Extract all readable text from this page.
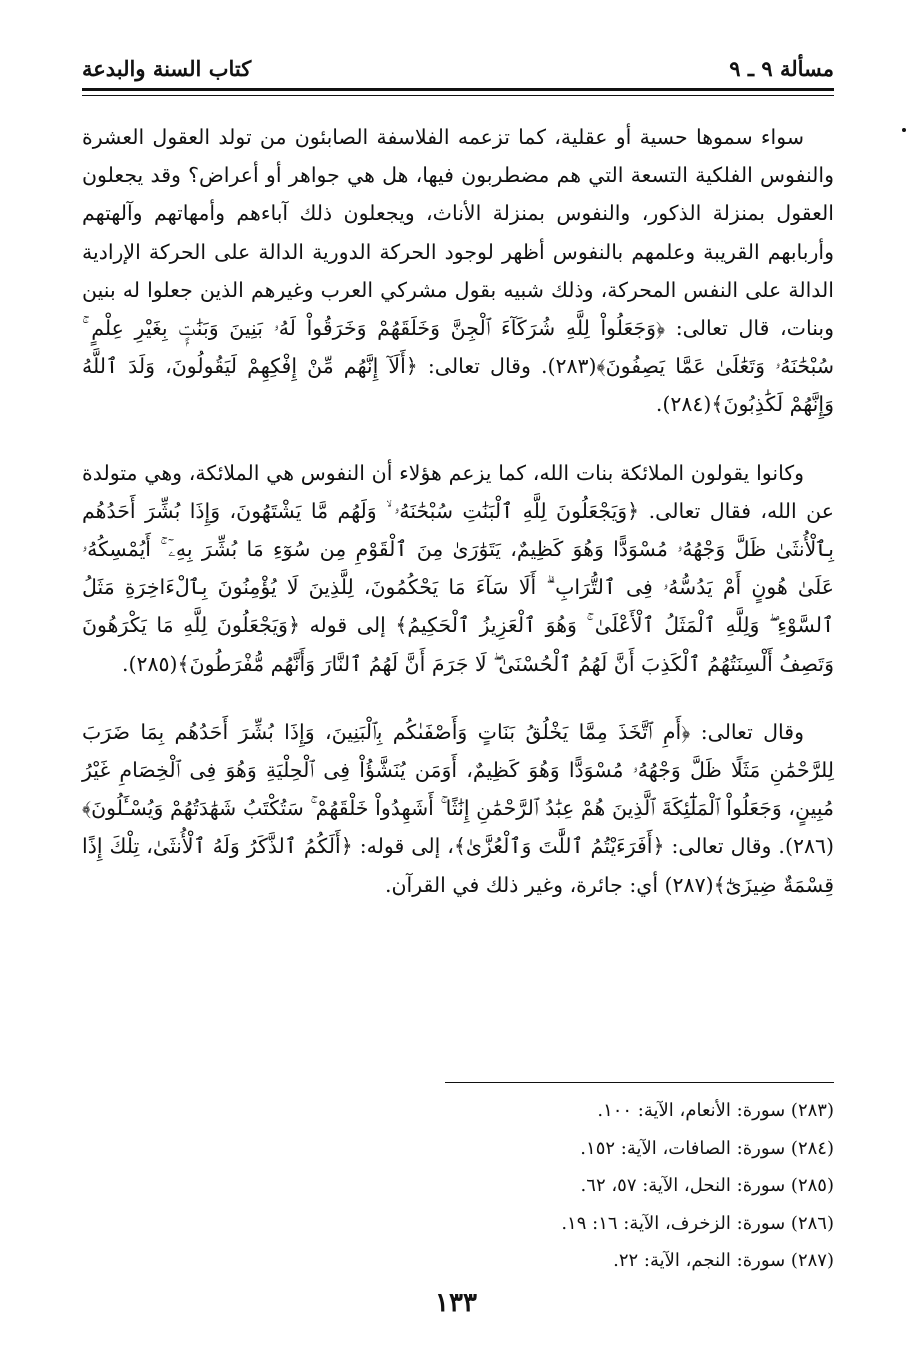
مسألة ٩ ـ ٩
كتاب السنة والبدعة

سواء سموها حسية أو عقلية، كما تزعمه الفلاسفة الصابئون من تولد العقول العشرة والنفوس الفلكية التسعة التي هم مضطربون فيها، هل هي جواهر أو أعراض؟ وقد يجعلون العقول بمنزلة الذكور، والنفوس بمنزلة الأناث، ويجعلون ذلك آباءهم وأمهاتهم وآلهتهم وأربابهم القريبة وعلمهم بالنفوس أظهر لوجود الحركة الدورية الدالة على الحركة الإرادية الدالة على النفس المحركة، وذلك شبيه بقول مشركي العرب وغيرهم الذين جعلوا له بنين وبنات، قال تعالى: ﴿وَجَعَلُواْ لِلَّهِ شُرَكَآءَ ٱلْجِنَّ وَخَلَقَهُمْ وَخَرَقُواْ لَهُۥ بَنِينَ وَبَنَٰتٍۭ بِغَيْرِ عِلْمٍ ۚ سُبْحَٰنَهُۥ وَتَعَٰلَىٰ عَمَّا يَصِفُونَ﴾(٢٨٣). وقال تعالى: ﴿أَلَآ إِنَّهُم مِّنْ إِفْكِهِمْ لَيَقُولُونَ، وَلَدَ ٱللَّهُ وَإِنَّهُمْ لَكَٰذِبُونَ﴾(٢٨٤).

وكانوا يقولون الملائكة بنات الله، كما يزعم هؤلاء أن النفوس هي الملائكة، وهي متولدة عن الله، فقال تعالى. ﴿وَيَجْعَلُونَ لِلَّهِ ٱلْبَنَٰتِ سُبْحَٰنَهُۥ ۙ وَلَهُم مَّا يَشْتَهُونَ، وَإِذَا بُشِّرَ أَحَدُهُم بِٱلْأُنثَىٰ ظَلَّ وَجْهُهُۥ مُسْوَدًّا وَهُوَ كَظِيمٌ، يَتَوَٰرَىٰ مِنَ ٱلْقَوْمِ مِن سُوٓءِ مَا بُشِّرَ بِهِۦٓ ۚ أَيُمْسِكُهُۥ عَلَىٰ هُونٍ أَمْ يَدُسُّهُۥ فِى ٱلتُّرَابِ ۗ أَلَا سَآءَ مَا يَحْكُمُونَ، لِلَّذِينَ لَا يُؤْمِنُونَ بِٱلْءَاخِرَةِ مَثَلُ ٱلسَّوْءِ ۖ وَلِلَّهِ ٱلْمَثَلُ ٱلْأَعْلَىٰ ۚ وَهُوَ ٱلْعَزِيزُ ٱلْحَكِيمُ﴾ إلى قوله ﴿وَيَجْعَلُونَ لِلَّهِ مَا يَكْرَهُونَ وَتَصِفُ أَلْسِنَتُهُمُ ٱلْكَذِبَ أَنَّ لَهُمُ ٱلْحُسْنَىٰ ۖ لَا جَرَمَ أَنَّ لَهُمُ ٱلنَّارَ وَأَنَّهُم مُّفْرَطُونَ﴾(٢٨٥).

وقال تعالى: ﴿أَمِ ٱتَّخَذَ مِمَّا يَخْلُقُ بَنَاتٍ وَأَصْفَىٰكُم بِٱلْبَنِينَ، وَإِذَا بُشِّرَ أَحَدُهُم بِمَا ضَرَبَ لِلرَّحْمَٰنِ مَثَلًا ظَلَّ وَجْهُهُۥ مُسْوَدًّا وَهُوَ كَظِيمٌ، أَوَمَن يُنَشَّؤُاْ فِى ٱلْحِلْيَةِ وَهُوَ فِى ٱلْخِصَامِ غَيْرُ مُبِينٍ، وَجَعَلُواْ ٱلْمَلَٰٓئِكَةَ ٱلَّذِينَ هُمْ عِبَٰدُ ٱلرَّحْمَٰنِ إِنَٰثًا ۚ أَشَهِدُواْ خَلْقَهُمْ ۚ سَتُكْتَبُ شَهَٰدَتُهُمْ وَيُسْـَٔلُونَ﴾(٢٨٦). وقال تعالى: ﴿أَفَرَءَيْتُمُ ٱللَّٰتَ وَٱلْعُزَّىٰ﴾، إلى قوله: ﴿أَلَكُمُ ٱلذَّكَرُ وَلَهُ ٱلْأُنثَىٰ، تِلْكَ إِذًا قِسْمَةٌ ضِيزَىٰٓ﴾(٢٨٧) أي: جائرة، وغير ذلك في القرآن.

(٢٨٣) سورة: الأنعام، الآية: ١٠٠.
(٢٨٤) سورة: الصافات، الآية: ١٥٢.
(٢٨٥) سورة: النحل، الآية: ٥٧، ٦٢.
(٢٨٦) سورة: الزخرف، الآية: ١٦: ١٩.
(٢٨٧) سورة: النجم، الآية: ٢٢.
١٣٣
